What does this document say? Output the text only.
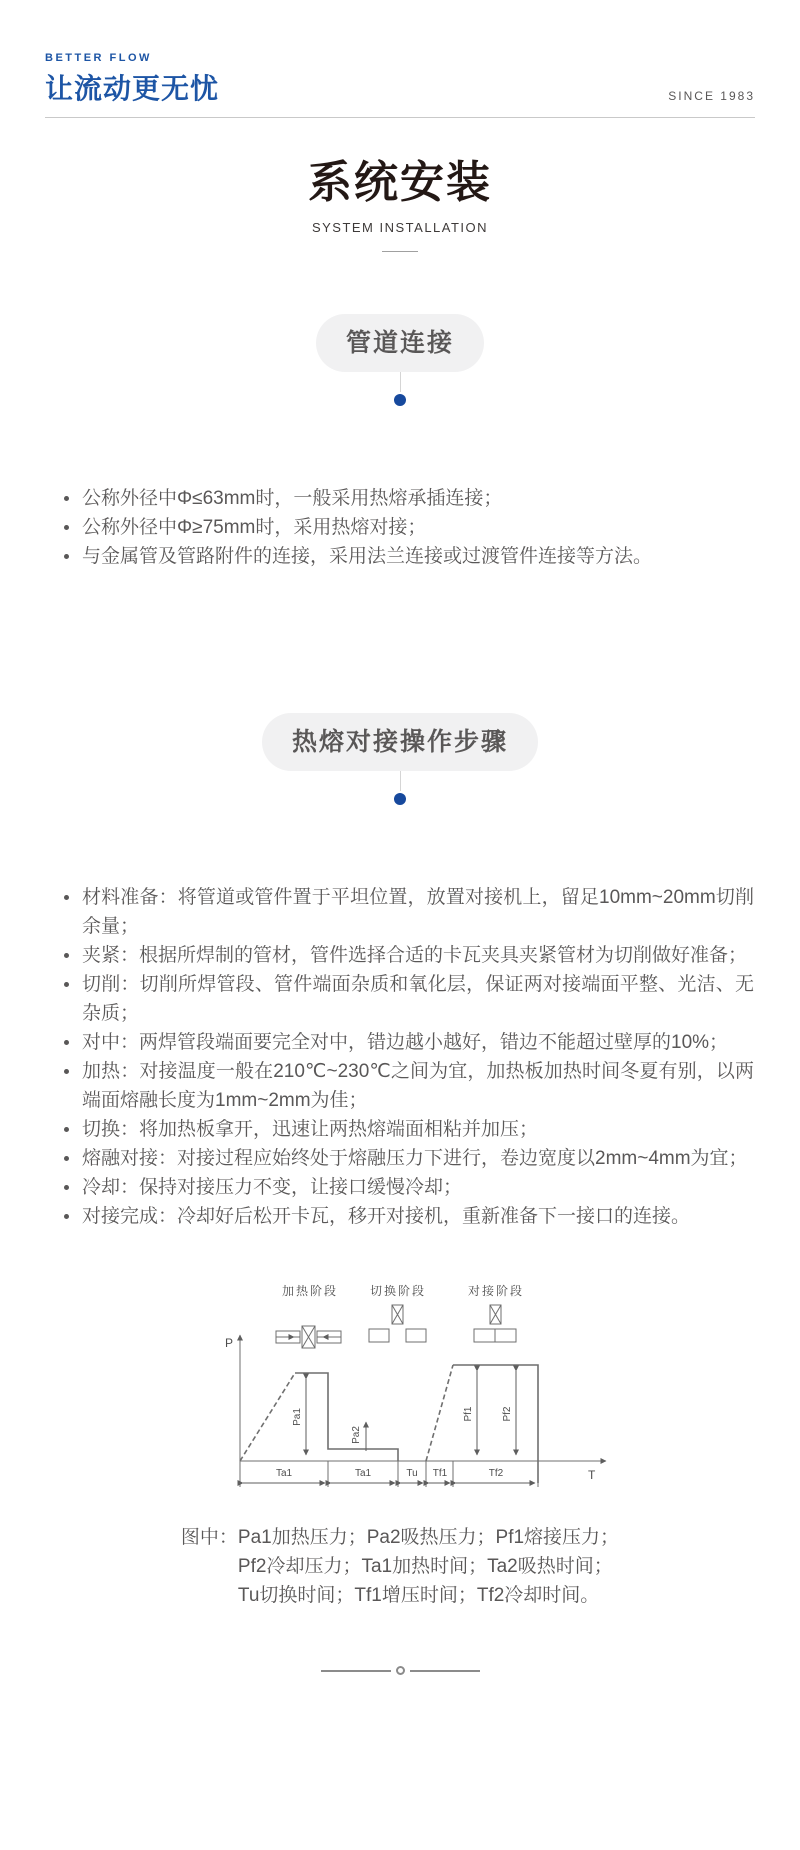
BETTER FLOW
让流动更无忧	SINCE 1983
系统安装
SYSTEM INSTALLATION
管道连接
公称外径中Φ≤63mm时，一般采用热熔承插连接；
公称外径中Φ≥75mm时，采用热熔对接；
与金属管及管路附件的连接，采用法兰连接或过渡管件连接等方法。
热熔对接操作步骤
材料准备：将管道或管件置于平坦位置，放置对接机上，留足10mm~20mm切削余量；
夹紧：根据所焊制的管材，管件选择合适的卡瓦夹具夹紧管材为切削做好准备；
切削：切削所焊管段、管件端面杂质和氧化层，保证两对接端面平整、光洁、无杂质；
对中：两焊管段端面要完全对中，错边越小越好，错边不能超过壁厚的10%；
加热：对接温度一般在210℃~230℃之间为宜，加热板加热时间冬夏有别，以两端面熔融长度为1mm~2mm为佳；
切换：将加热板拿开，迅速让两热熔端面相粘并加压；
熔融对接：对接过程应始终处于熔融压力下进行，卷边宽度以2mm~4mm为宜；
冷却：保持对接压力不变，让接口缓慢冷却；
对接完成：冷却好后松开卡瓦，移开对接机，重新准备下一接口的连接。
加热阶段	切换阶段	对接阶段
P
T
Pa1
Pa2
Pf1	Pf2
Ta1	Ta1	Tu Tf1	Tf2
图中：Pa1加热压力；Pa2吸热压力；Pf1熔接压力；
Pf2冷却压力；Ta1加热时间；Ta2吸热时间；
Tu切换时间；Tf1增压时间；Tf2冷却时间。
